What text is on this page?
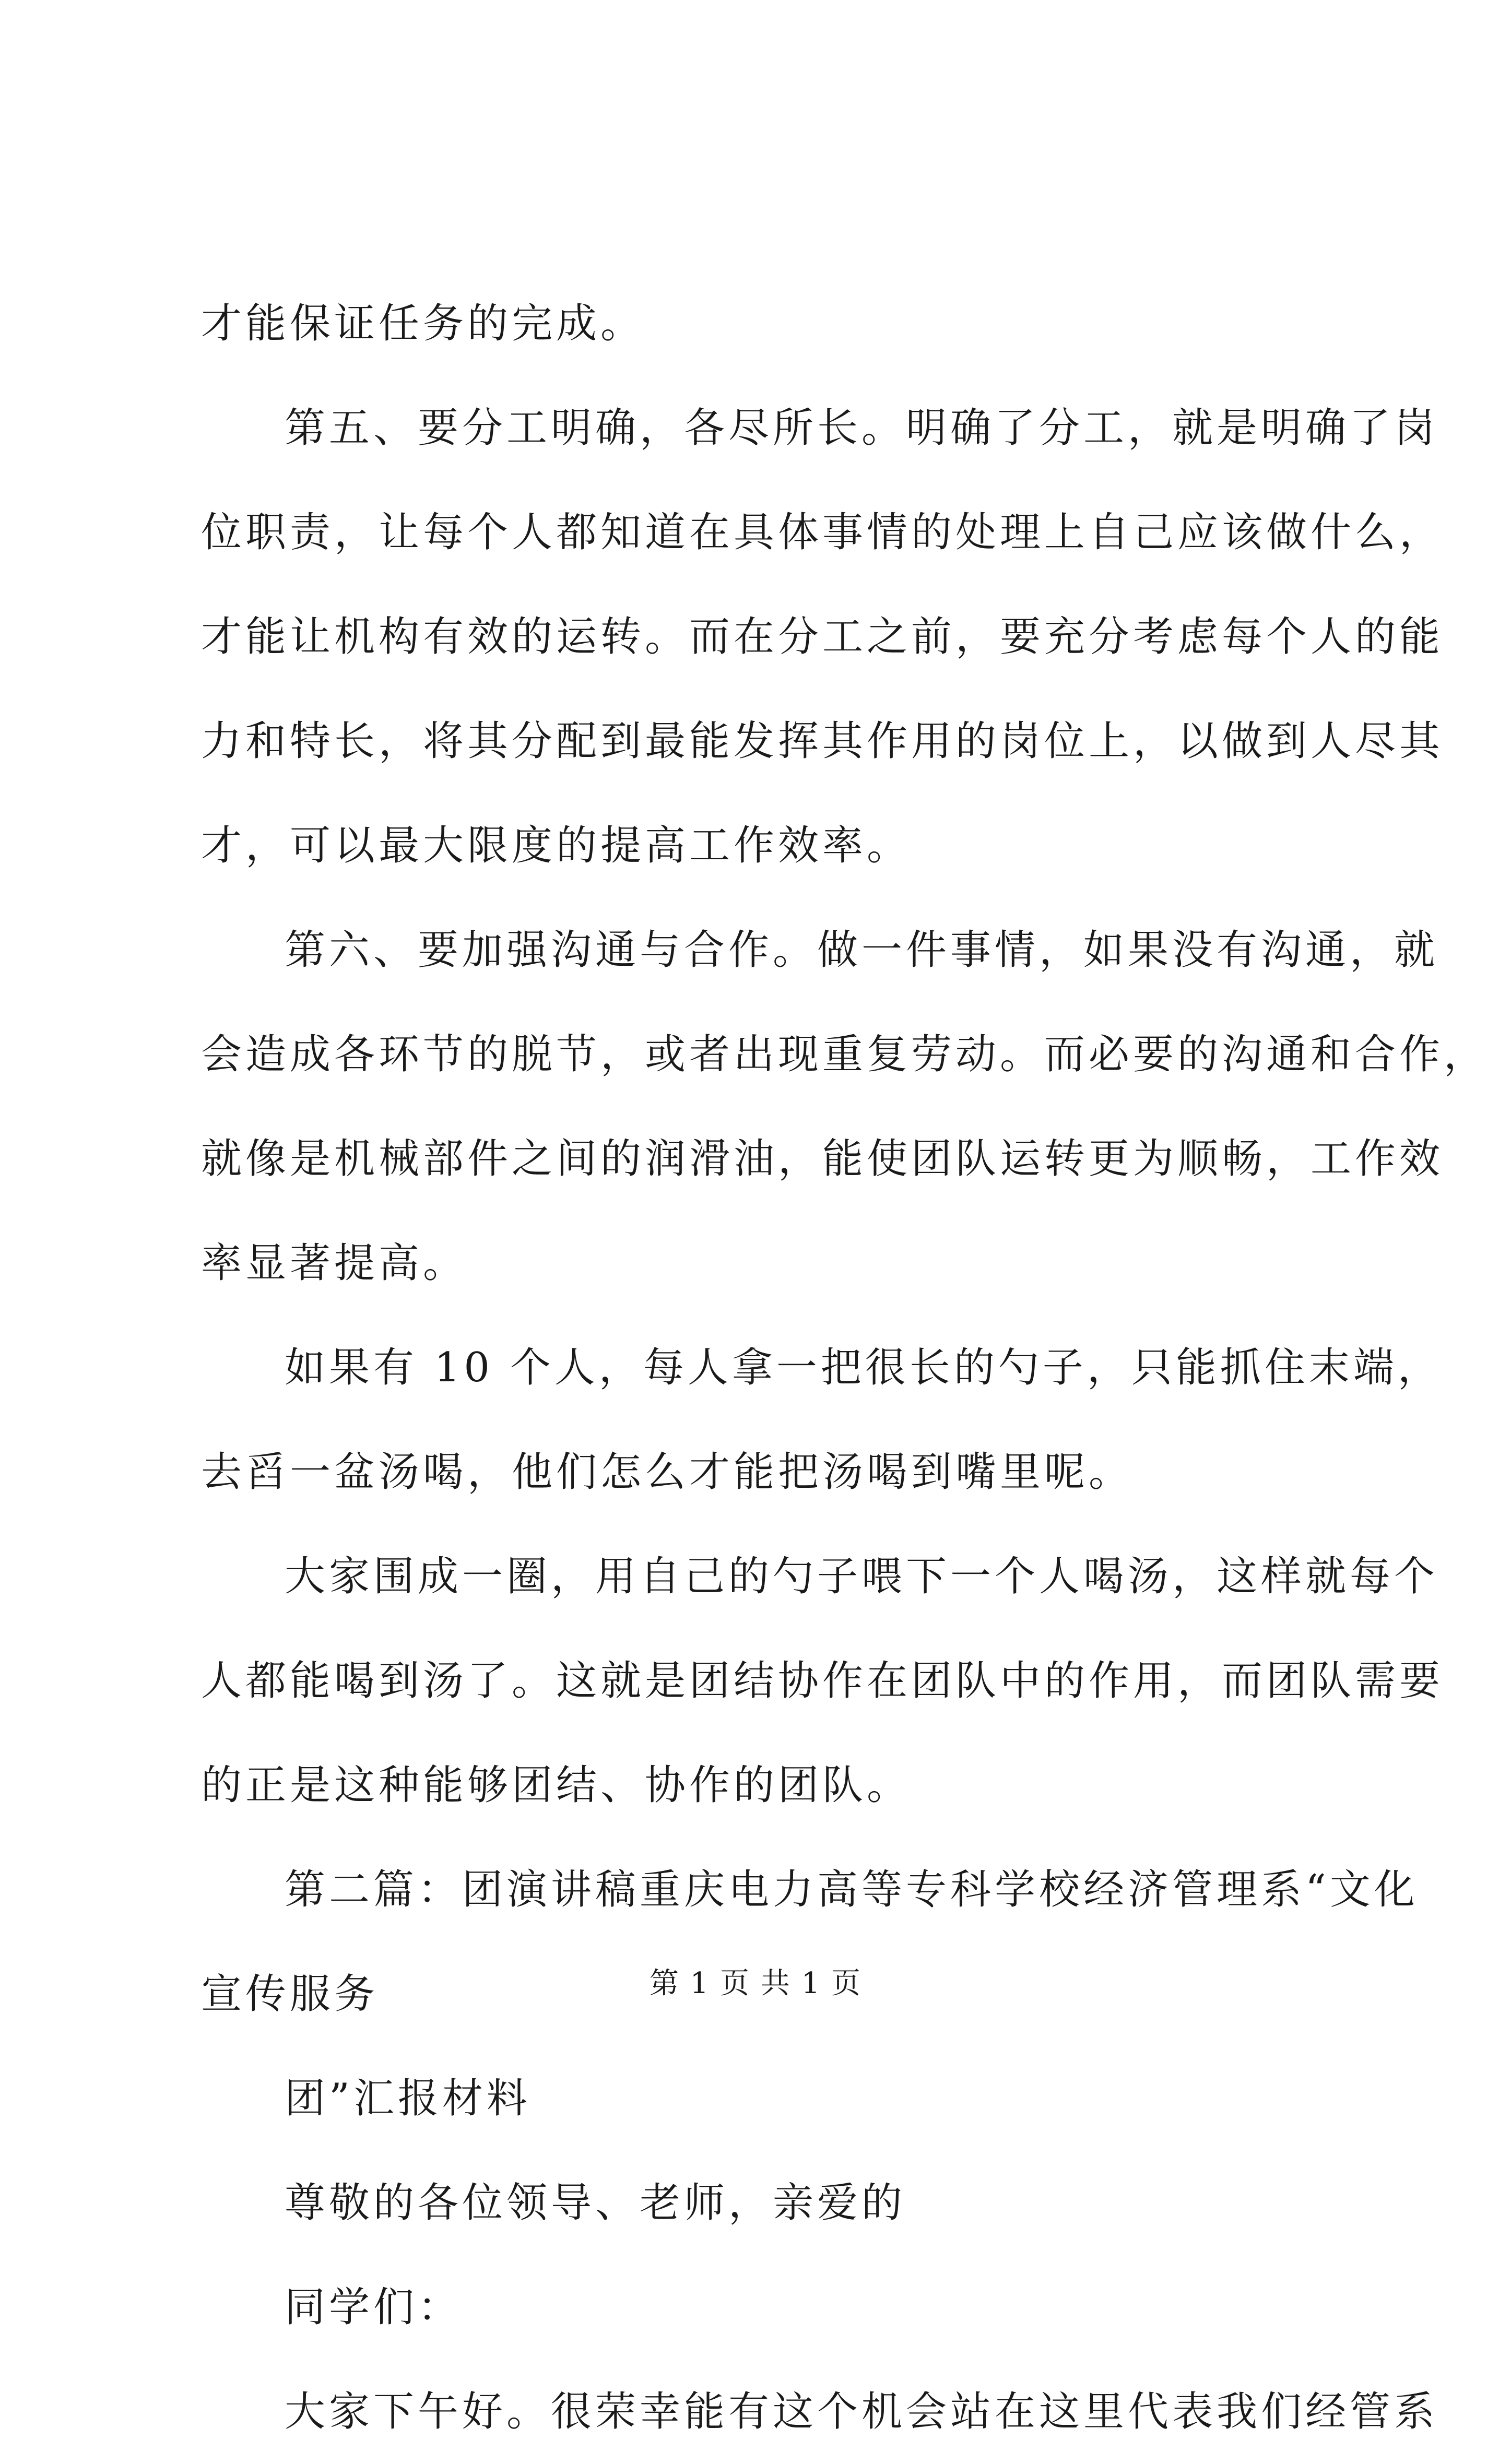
才能保证任务的完成。
第五、要分工明确，各尽所长。明确了分工，就是明确了岗
位职责，让每个人都知道在具体事情的处理上自己应该做什么，
才能让机构有效的运转。而在分工之前，要充分考虑每个人的能
力和特长，将其分配到最能发挥其作用的岗位上，以做到人尽其
才，可以最大限度的提高工作效率。
第六、要加强沟通与合作。做一件事情，如果没有沟通，就
会造成各环节的脱节，或者出现重复劳动。而必要的沟通和合作，
就像是机械部件之间的润滑油，能使团队运转更为顺畅，工作效
率显著提高。
如果有 10 个人，每人拿一把很长的勺子，只能抓住末端，
去舀一盆汤喝，他们怎么才能把汤喝到嘴里呢。
大家围成一圈，用自己的勺子喂下一个人喝汤，这样就每个
人都能喝到汤了。这就是团结协作在团队中的作用，而团队需要
的正是这种能够团结、协作的团队。
第二篇：团演讲稿重庆电力高等专科学校经济管理系“文化
宣传服务
团”汇报材料
尊敬的各位领导、老师，亲爱的
同学们：
大家下午好。很荣幸能有这个机会站在这里代表我们经管系
第 1 页 共 1 页
